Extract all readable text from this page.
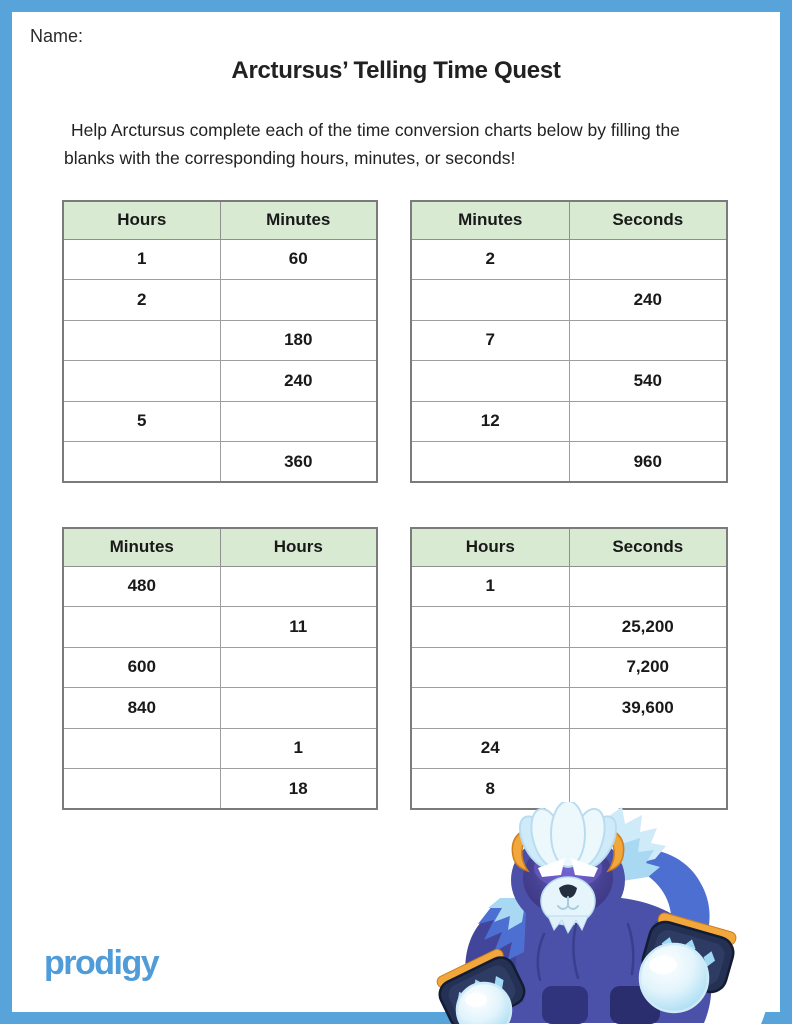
Name:
Arctursus’ Telling Time Quest

Help Arctursus complete each of the time conversion charts below by filling the
blanks with the corresponding hours, minutes, or seconds!

Hours	Minutes
1	60
2	
	180
	240
5	
	360
Minutes	Seconds
2	
	240
7	
	540
12	
	960
Minutes	Hours
480	
	11
600	
840	
	1
	18
Hours	Seconds
1	
	25,200
	7,200
	39,600
24	
8	
prodigy
